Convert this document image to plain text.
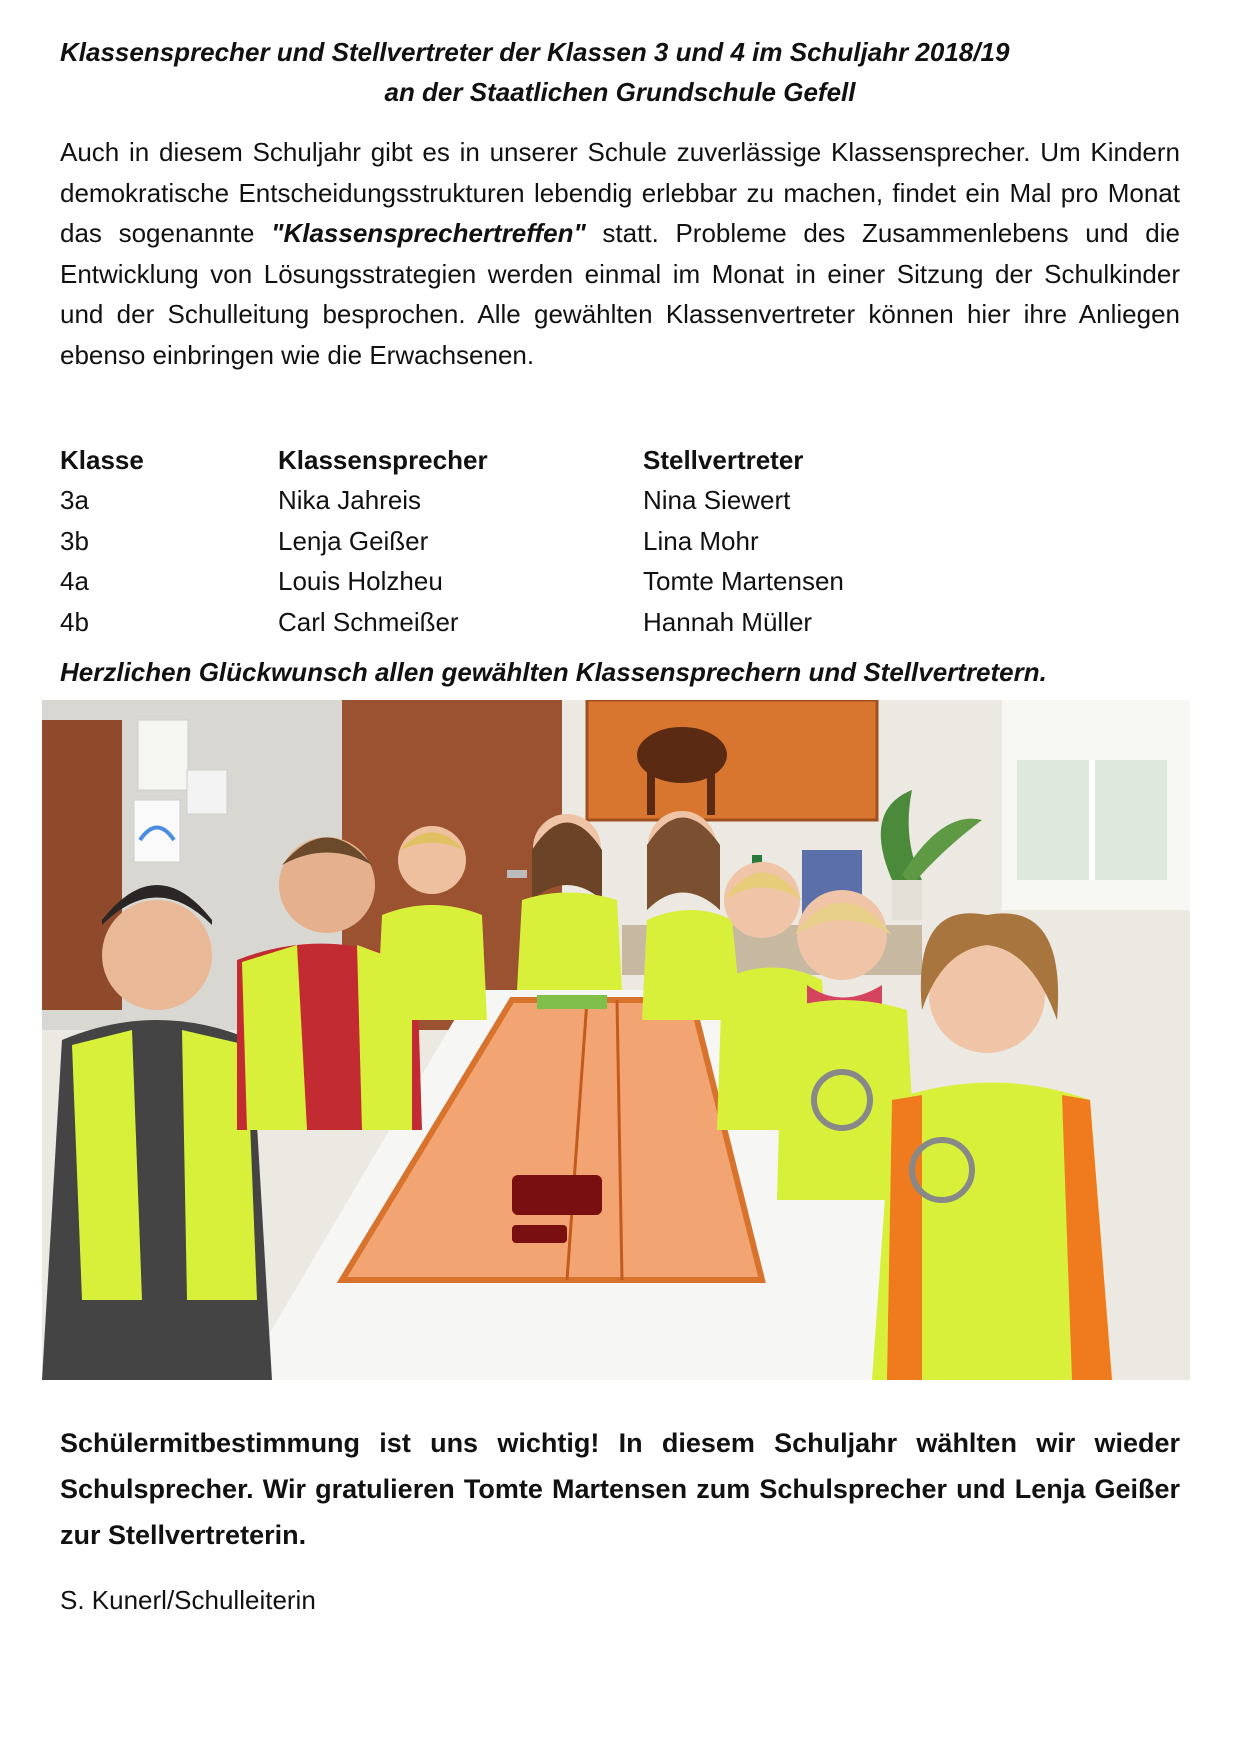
Klassensprecher und Stellvertreter der Klassen 3 und 4 im Schuljahr 2018/19
an der Staatlichen Grundschule Gefell

Auch in diesem Schuljahr gibt es in unserer Schule zuverlässige Klassensprecher. Um Kindern demokratische Entscheidungsstrukturen lebendig erlebbar zu machen, findet ein Mal pro Monat das sogenannte "Klassensprechertreffen" statt. Probleme des Zusammenlebens und die Entwicklung von Lösungsstrategien werden einmal im Monat in einer Sitzung der Schulkinder und der Schulleitung besprochen. Alle gewählten Klassenvertreter können hier ihre Anliegen ebenso einbringen wie die Erwachsenen.

Klasse	Klassensprecher	Stellvertreter
3a	Nika Jahreis	Nina Siewert
3b	Lenja Geißer	Lina Mohr
4a	Louis Holzheu	Tomte Martensen
4b	Carl Schmeißer	Hannah Müller
Herzlichen Glückwunsch allen gewählten Klassensprechern und Stellvertretern.

Schülermitbestimmung ist uns wichtig! In diesem Schuljahr wählten wir wieder Schulsprecher. Wir gratulieren Tomte Martensen zum Schulsprecher und Lenja Geißer zur Stellvertreterin.

S. Kunerl/Schulleiterin
